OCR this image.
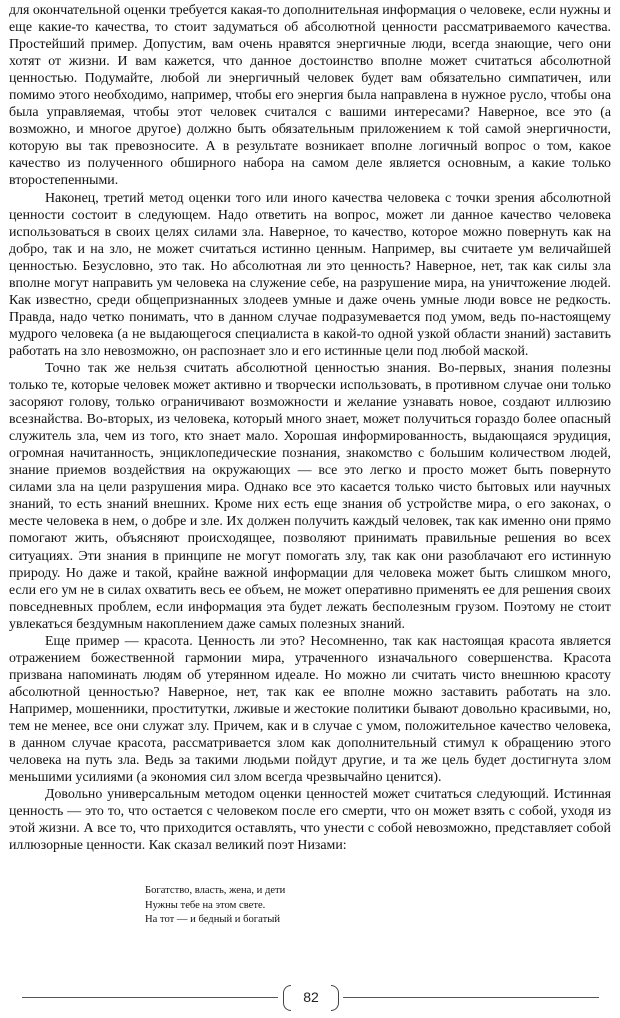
для окончательной оценки требуется какая-то дополнительная информация о человеке, если нужны и еще какие-то качества, то стоит задуматься об абсолютной ценности рассматриваемого качества. Простейший пример. Допустим, вам очень нравятся энергичные люди, всегда знающие, чего они хотят от жизни. И вам кажется, что данное достоинство вполне может считаться абсолютной ценностью. Подумайте, любой ли энергичный человек будет вам обязательно симпатичен, или помимо этого необходимо, например, чтобы его энергия была направлена в нужное русло, чтобы она была управляемая, чтобы этот человек считался с вашими интересами? Наверное, все это (а возможно, и многое другое) должно быть обязательным приложением к той самой энергичности, которую вы так превозносите. А в результате возникает вполне логичный вопрос о том, какое качество из полученного обширного набора на самом деле является основным, а какие только второстепенными.

Наконец, третий метод оценки того или иного качества человека с точки зрения абсолютной ценности состоит в следующем. Надо ответить на вопрос, может ли данное качество человека использоваться в своих целях силами зла. Наверное, то качество, которое можно повернуть как на добро, так и на зло, не может считаться истинно ценным. Например, вы считаете ум величайшей ценностью. Безусловно, это так. Но абсолютная ли это ценность? Наверное, нет, так как силы зла вполне могут направить ум человека на служение себе, на разрушение мира, на уничтожение людей. Как известно, среди общепризнанных злодеев умные и даже очень умные люди вовсе не редкость. Правда, надо четко понимать, что в данном случае подразумевается под умом, ведь по-настоящему мудрого человека (а не выдающегося специалиста в какой-то одной узкой области знаний) заставить работать на зло невозможно, он распознает зло и его истинные цели под любой маской.

Точно так же нельзя считать абсолютной ценностью знания. Во-первых, знания полезны только те, которые человек может активно и творчески использовать, в противном случае они только засоряют голову, только ограничивают возможности и желание узнавать новое, создают иллюзию всезнайства. Во-вторых, из человека, который много знает, может получиться гораздо более опасный служитель зла, чем из того, кто знает мало. Хорошая информированность, выдающаяся эрудиция, огромная начитанность, энциклопедические познания, знакомство с большим количеством людей, знание приемов воздействия на окружающих — все это легко и просто может быть повернуто силами зла на цели разрушения мира. Однако все это касается только чисто бытовых или научных знаний, то есть знаний внешних. Кроме них есть еще знания об устройстве мира, о его законах, о месте человека в нем, о добре и зле. Их должен получить каждый человек, так как именно они прямо помогают жить, объясняют происходящее, позволяют принимать правильные решения во всех ситуациях. Эти знания в принципе не могут помогать злу, так как они разоблачают его истинную природу. Но даже и такой, крайне важной информации для человека может быть слишком много, если его ум не в силах охватить весь ее объем, не может оперативно применять ее для решения своих повседневных проблем, если информация эта будет лежать бесполезным грузом. Поэтому не стоит увлекаться бездумным накоплением даже самых полезных знаний.

Еще пример — красота. Ценность ли это? Несомненно, так как настоящая красота является отражением божественной гармонии мира, утраченного изначального совершенства. Красота призвана напоминать людям об утерянном идеале. Но можно ли считать чисто внешнюю красоту абсолютной ценностью? Наверное, нет, так как ее вполне можно заставить работать на зло. Например, мошенники, проститутки, лживые и жестокие политики бывают довольно красивыми, но, тем не менее, все они служат злу. Причем, как и в случае с умом, положительное качество человека, в данном случае красота, рассматривается злом как дополнительный стимул к обращению этого человека на путь зла. Ведь за такими людьми пойдут другие, и та же цель будет достигнута злом меньшими усилиями (а экономия сил злом всегда чрезвычайно ценится).

Довольно универсальным методом оценки ценностей может считаться следующий. Истинная ценность — это то, что остается с человеком после его смерти, что он может взять с собой, уходя из этой жизни. А все то, что приходится оставлять, что унести с собой невозможно, представляет собой иллюзорные ценности. Как сказал великий поэт Низами:

Богатство, власть, жена, и дети
Нужны тебе на этом свете.
На тот — и бедный и богатый
82
